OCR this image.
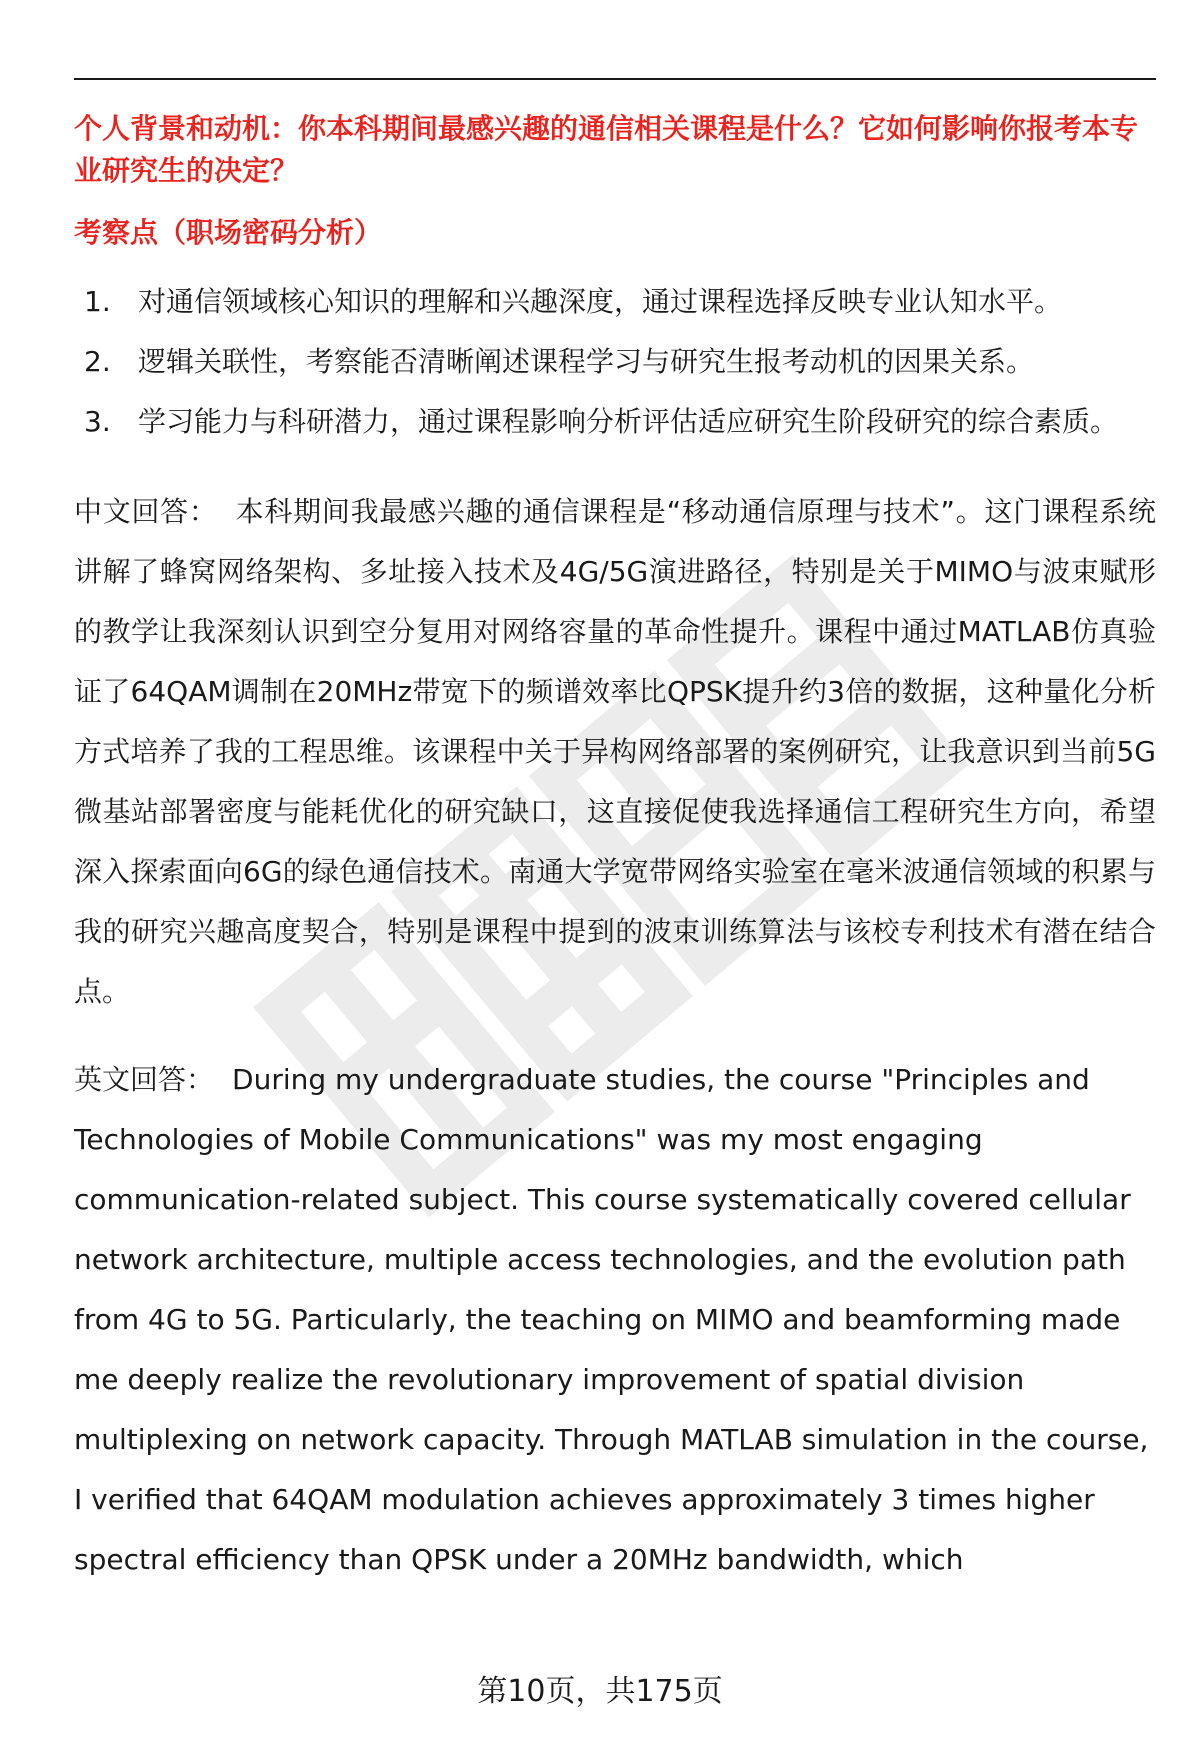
个人背景和动机：你本科期间最感兴趣的通信相关课程是什么？它如何影响你报考本专业研究生的决定？

考察点（职场密码分析）

1. 对通信领域核心知识的理解和兴趣深度，通过课程选择反映专业认知水平。
2. 逻辑关联性，考察能否清晰阐述课程学习与研究生报考动机的因果关系。
3. 学习能力与科研潜力，通过课程影响分析评估适应研究生阶段研究的综合素质。

中文回答： 本科期间我最感兴趣的通信课程是“移动通信原理与技术”。这门课程系统讲解了蜂窝网络架构、多址接入技术及4G/5G演进路径，特别是关于MIMO与波束赋形的教学让我深刻认识到空分复用对网络容量的革命性提升。课程中通过MATLAB仿真验证了64QAM调制在20MHz带宽下的频谱效率比QPSK提升约3倍的数据，这种量化分析方式培养了我的工程思维。该课程中关于异构网络部署的案例研究，让我意识到当前5G微基站部署密度与能耗优化的研究缺口，这直接促使我选择通信工程研究生方向，希望深入探索面向6G的绿色通信技术。南通大学宽带网络实验室在毫米波通信领域的积累与我的研究兴趣高度契合，特别是课程中提到的波束训练算法与该校专利技术有潜在结合点。

英文回答： During my undergraduate studies, the course "Principles and Technologies of Mobile Communications" was my most engaging communication-related subject. This course systematically covered cellular network architecture, multiple access technologies, and the evolution path from 4G to 5G. Particularly, the teaching on MIMO and beamforming made me deeply realize the revolutionary improvement of spatial division multiplexing on network capacity. Through MATLAB simulation in the course, I verified that 64QAM modulation achieves approximately 3 times higher spectral efficiency than QPSK under a 20MHz bandwidth, which

第10页，共175页
